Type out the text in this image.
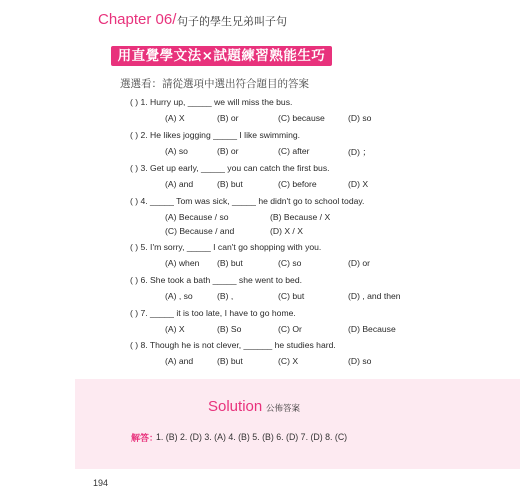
Chapter 06/ 句子的學生兄弟叫子句
用直覺學文法×試題練習熟能生巧
選選看：請從選項中選出符合題目的答案
( ) 1. Hurry up, _____ we will miss the bus.
(A) X	(B) or	(C) because	(D) so
( ) 2. He likes jogging _____ I like swimming.
(A) so	(B) or	(C) after	(D) ；
( ) 3. Get up early, _____ you can catch the first bus.
(A) and	(B) but	(C) before	(D) X
( ) 4. _____ Tom was sick, _____ he didn't go to school today.
(A) Because / so	(B) Because / X
(C) Because / and	(D) X / X
( ) 5. I'm sorry, _____ I can't go shopping with you.
(A) when (B) but	(C) so	(D) or
( ) 6. She took a bath _____ she went to bed.
(A) , so	(B) ,	(C) but	(D) , and then
( ) 7. _____ it is too late, I have to go home.
(A) X	(B) So	(C) Or	(D) Because
( ) 8. Though he is not clever, ______ he studies hard.
(A) and	(B) but	(C) X	(D) so
Solution 公佈答案
解答：
1. (B) 2. (D) 3. (A) 4. (B) 5. (B) 6. (D) 7. (D) 8. (C)
194
